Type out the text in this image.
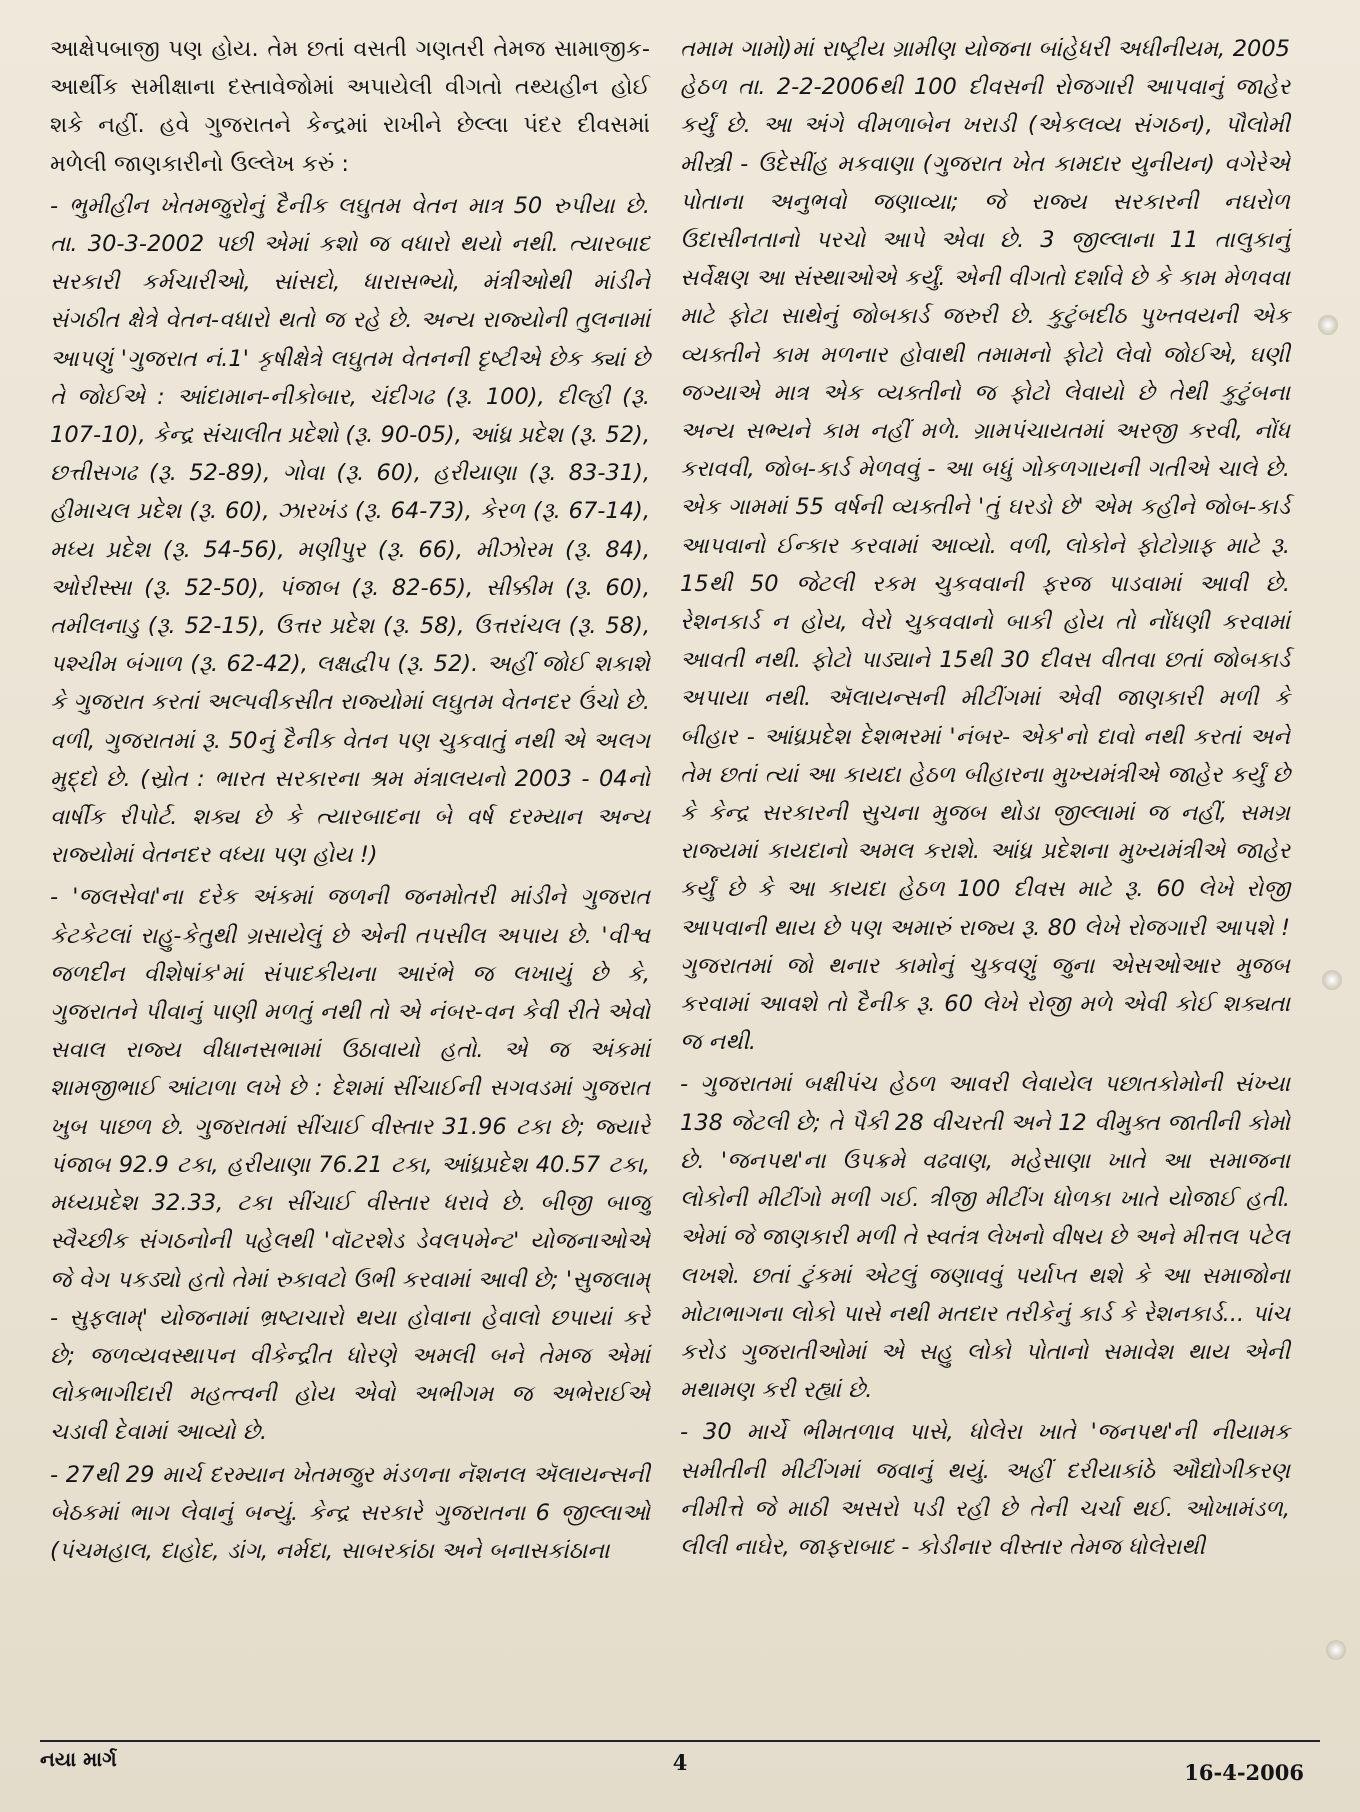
આક્ષેપબાજી પણ હોય. તેમ છતાં વસતી ગણતરી તેમજ સામાજીક-આર્થીક સમીક્ષાના દસ્તાવેજોમાં અપાયેલી વીગતો તથ્યહીન હોઈ શકે નહીં. હવે ગુજરાતને કેન્દ્રમાં રાખીને છેલ્લા પંદર દીવસમાં મળેલી જાણકારીનો ઉલ્લેખ કરું :

- ભુમીહીન ખેતમજુરોનું દૈનીક લઘુતમ વેતન માત્ર 50 રુપીયા છે. તા. 30-3-2002 પછી એમાં કશો જ વધારો થયો નથી. ત્યારબાદ સરકારી કર્મચારીઓ, સાંસદો, ધારાસભ્યો, મંત્રીઓથી માંડીને સંગઠીત ક્ષેત્રે વેતન-વધારો થતો જ રહે છે. અન્ય રાજ્યોની તુલનામાં આપણું 'ગુજરાત નં.1' કૃષીક્ષેત્રે લઘુતમ વેતનની દૃષ્ટીએ છેક ક્યાં છે તે જોઈએ : આંદામાન-નીકોબાર, ચંદીગઢ (રૂ. 100), દીલ્હી (રૂ. 107-10), કેન્દ્ર સંચાલીત પ્રદેશો (રૂ. 90-05), આંધ્ર પ્રદેશ (રૂ. 52), છત્તીસગઢ (રૂ. 52-89), ગોવા (રૂ. 60), હરીયાણા (રૂ. 83-31), હીમાચલ પ્રદેશ (રૂ. 60), ઝારખંડ (રૂ. 64-73), કેરળ (રૂ. 67-14), મધ્ય પ્રદેશ (રૂ. 54-56), મણીપુર (રૂ. 66), મીઝોરમ (રૂ. 84), ઓરીસ્સા (રૂ. 52-50), પંજાબ (રૂ. 82-65), સીક્કીમ (રૂ. 60), તમીલનાડુ (રૂ. 52-15), ઉત્તર પ્રદેશ (રૂ. 58), ઉત્તરાંચલ (રૂ. 58), પશ્ચીમ બંગાળ (રૂ. 62-42), લક્ષદ્વીપ (રૂ. 52). અહીં જોઈ શકાશે કે ગુજરાત કરતાં અલ્પવીકસીત રાજ્યોમાં લઘુતમ વેતનદર ઉંચો છે. વળી, ગુજરાતમાં રૂ. 50નું દૈનીક વેતન પણ ચુકવાતું નથી એ અલગ મુદ્દો છે. (સ્રોત : ભારત સરકારના શ્રમ મંત્રાલયનો 2003 - 04નો વાર્ષીક રીપોર્ટ. શક્ય છે કે ત્યારબાદના બે વર્ષ દરમ્યાન અન્ય રાજ્યોમાં વેતનદર વધ્યા પણ હોય !)

- 'જલસેવા'ના દરેક અંકમાં જળની જનમોતરી માંડીને ગુજરાત કેટકેટલાં રાહુ-કેતુથી ગ્રસાયેલું છે એની તપસીલ અપાય છે. 'વીશ્વ જળદીન વીશેષાંક'માં સંપાદકીયના આરંભે જ લખાયું છે કે, ગુજરાતને પીવાનું પાણી મળતું નથી તો એ નંબર-વન કેવી રીતે એવો સવાલ રાજ્ય વીધાનસભામાં ઉઠાવાયો હતો. એ જ અંકમાં શામજીભાઈ આંટાળા લખે છે : દેશમાં સીંચાઈની સગવડમાં ગુજરાત ખુબ પાછળ છે. ગુજરાતમાં સીંચાઈ વીસ્તાર 31.96 ટકા છે; જ્યારે પંજાબ 92.9 ટકા, હરીયાણા 76.21 ટકા, આંધ્રપ્રદેશ 40.57 ટકા, મધ્યપ્રદેશ 32.33, ટકા સીંચાઈ વીસ્તાર ધરાવે છે. બીજી બાજુ સ્વૈચ્છીક સંગઠનોની પહેલથી 'વૉટરશેડ ડેવલપમેન્ટ' યોજનાઓએ જે વેગ પકડ્યો હતો તેમાં રુકાવટો ઉભી કરવામાં આવી છે; 'સુજલામ્ - સુફલામ્' યોજનામાં ભ્રષ્ટાચારો થયા હોવાના હેવાલો છપાયાં કરે છે; જળવ્યવસ્થાપન વીકેન્દ્રીત ધોરણે અમલી બને તેમજ એમાં લોકભાગીદારી મહત્ત્વની હોય એવો અભીગમ જ અભેરાઈએ ચડાવી દેવામાં આવ્યો છે.

- 27થી 29 માર્ચ દરમ્યાન ખેતમજુર મંડળના નૅશનલ ઍલાયન્સની બેઠકમાં ભાગ લેવાનું બન્યું. કેન્દ્ર સરકારે ગુજરાતના 6 જીલ્લાઓ (પંચમહાલ, દાહોદ, ડાંગ, નર્મદા, સાબરકાંઠા અને બનાસકાંઠાના

તમામ ગામો)માં રાષ્ટ્રીય ગ્રામીણ યોજના બાંહેધરી અધીનીયમ, 2005 હેઠળ તા. 2-2-2006થી 100 દીવસની રોજગારી આપવાનું જાહેર કર્યું છે. આ અંગે વીમળાબેન ખરાડી (એકલવ્ય સંગઠન), પૌલોમી મીસ્ત્રી - ઉદેસીંહ મકવાણા (ગુજરાત ખેત કામદાર યુનીયન) વગેરેએ પોતાના અનુભવો જણાવ્યા; જે રાજ્ય સરકારની નઘરોળ ઉદાસીનતાનો પરચો આપે એવા છે. 3 જીલ્લાના 11 તાલુકાનું સર્વેક્ષણ આ સંસ્થાઓએ કર્યું. એની વીગતો દર્શાવે છે કે કામ મેળવવા માટે ફોટા સાથેનું જોબકાર્ડ જરુરી છે. કુટુંબદીઠ પુખ્તવયની એક વ્યક્તીને કામ મળનાર હોવાથી તમામનો ફોટો લેવો જોઈએ, ઘણી જગ્યાએ માત્ર એક વ્યક્તીનો જ ફોટો લેવાયો છે તેથી કુટુંબના અન્ય સભ્યને કામ નહીં મળે. ગ્રામપંચાયતમાં અરજી કરવી, નોંધ કરાવવી, જોબ-કાર્ડ મેળવવું - આ બધું ગોકળગાયની ગતીએ ચાલે છે. એક ગામમાં 55 વર્ષની વ્યક્તીને 'તું ઘરડો છે' એમ કહીને જોબ-કાર્ડ આપવાનો ઈન્કાર કરવામાં આવ્યો. વળી, લોકોને ફોટોગ્રાફ માટે રૂ. 15થી 50 જેટલી રકમ ચુકવવાની ફરજ પાડવામાં આવી છે. રેશનકાર્ડ ન હોય, વેરો ચુકવવાનો બાકી હોય તો નોંધણી કરવામાં આવતી નથી. ફોટો પાડ્યાને 15થી 30 દીવસ વીતવા છતાં જોબકાર્ડ અપાયા નથી. ઍલાયન્સની મીટીંગમાં એવી જાણકારી મળી કે બીહાર - આંધ્રપ્રદેશ દેશભરમાં 'નંબર- એક'નો દાવો નથી કરતાં અને તેમ છતાં ત્યાં આ કાયદા હેઠળ બીહારના મુખ્યમંત્રીએ જાહેર કર્યું છે કે કેન્દ્ર સરકારની સુચના મુજબ થોડા જીલ્લામાં જ નહીં, સમગ્ર રાજ્યમાં કાયદાનો અમલ કરાશે. આંધ્ર પ્રદેશના મુખ્યમંત્રીએ જાહેર કર્યું છે કે આ કાયદા હેઠળ 100 દીવસ માટે રૂ. 60 લેખે રોજી આપવાની થાય છે પણ અમારું રાજ્ય રૂ. 80 લેખે રોજગારી આપશે ! ગુજરાતમાં જો થનાર કામોનું ચુકવણું જુના એસઓઆર મુજબ કરવામાં આવશે તો દૈનીક રૂ. 60 લેખે રોજી મળે એવી કોઈ શક્યતા જ નથી.

- ગુજરાતમાં બક્ષીપંચ હેઠળ આવરી લેવાયેલ પછાતકોમોની સંખ્યા 138 જેટલી છે; તે પૈકી 28 વીચરતી અને 12 વીમુક્ત જાતીની કોમો છે. 'જનપથ'ના ઉપક્રમે વઢવાણ, મહેસાણા ખાતે આ સમાજના લોકોની મીટીંગો મળી ગઈ. ત્રીજી મીટીંગ ધોળકા ખાતે યોજાઈ હતી. એમાં જે જાણકારી મળી તે સ્વતંત્ર લેખનો વીષય છે અને મીત્તલ પટેલ લખશે. છતાં ટુંકમાં એટલું જણાવવું પર્યાપ્ત થશે કે આ સમાજોના મોટાભાગના લોકો પાસે નથી મતદાર તરીકેનું કાર્ડ કે રેશનકાર્ડ... પાંચ કરોડ ગુજરાતીઓમાં એ સહુ લોકો પોતાનો સમાવેશ થાય એની મથામણ કરી રહ્યાં છે.

- 30 માર્ચે ભીમતળાવ પાસે, ધોલેરા ખાતે 'જનપથ'ની નીયામક સમીતીની મીટીંગમાં જવાનું થયું. અહીં દરીયાકાંઠે ઔદ્યોગીકરણ નીમીત્તે જે માઠી અસરો પડી રહી છે તેની ચર્ચા થઈ. ઓખામંડળ, લીલી નાઘેર, જાફરાબાદ - કોડીનાર વીસ્તાર તેમજ ધોલેરાથી

નયા માર્ગ	4	16-4-2006
